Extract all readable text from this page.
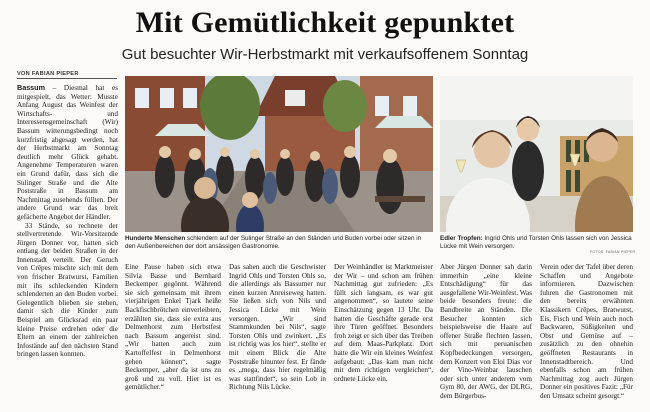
Mit Gemütlichkeit gepunktet
Gut besuchter Wir-Herbstmarkt mit verkaufsoffenem Sonntag
VON FABIAN PIEPER

Bassum – Diesmal hat es mitgespielt, das Wetter: Musste Anfang August das Weinfest der Wirtschafts- und Interessensgemeinschaft (Wir) Bassum witterungsbedingt noch kurzfristig abgesagt werden, hat der Herbstmarkt am Sonntag deutlich mehr Glück gehabt. Angenehme Temperaturen waren ein Grund dafür, dass sich die Sulinger Straße und die Alte Poststraße in Bassum am Nachmittag zusehends füllten. Der andere Grund war das breit gefächerte Angebot der Händler.

33 Stände, so rechnete der stellvertretende Wir-Vorsitzende Jürgen Donner vor, hatten sich entlang der beiden Straßen in der Innenstadt verteilt. Der Geruch von Crêpes mischte sich mit dem von frischer Bratwurst, Familien mit ihs schleckenden Kindern schlenderten an den Buden vorbei. Gelegentlich blieben sie stehen, damit sich die Kinder zum Beispiel am Glücksrad ein paar kleine Preise erdrehen oder die Eltern an einem der zahlreichen Infostände auf den nächsten Stand bringen lassen konnten.

Hunderte Menschen schlendern auf der Sulinger Straße an den Ständen und Buden vorbei oder sitzen in den Außenbereichen der dort ansässigen Gastronomie.
Edler Tropfen: Ingrid Ohls und Torsten Ohls lassen sich von Jessica Lücke mit Wein versorgen.
FOTOS: FABIAN PIEPER

Eine Pause haben sich etwa Silvia Basse und Bernhard Beckemper gegönnt. Während sie sich gemeinsam mit ihrem vierjährigen Enkel Tjark heiße Backfischbrötchen einverleibten, erzählten sie, dass sie extra aus Delmenhorst zum Herbstfest nach Bassum angereist sind. „Wir hatten auch zum Kartoffelfest in Delmenhorst gehen können“, sagte Beckemper, „aber da ist uns zu groß und zu voll. Hier ist es gemütlicher.“

Das sahen auch die Geschwister Ingrid Ohls und Torsten Ohls so, die allerdings als Bassumer nur einen kurzen Anreiseweg hatten. Sie ließen sich von Nils und Jessica Lücke mit Wein versorgen. „Wir sind Stammkunden bei Nils“, sagte Torsten Ohls und zwinkert. „Es ist richtig was los hier“, stellte er mit einem Blick die Alte Poststraße hinunter fest. Er fände es „mega, dass hier regelmäßig was stattfindet“, so sein Lob in Richtung Nils Lücke.

Der Weinhändler ist Marktmeister der Wir – und schon am frühen Nachmittag gut zufrieden: „Es füllt sich langsam, es war gut angenommen“, so lautete seine Einschätzung gegen 13 Uhr. Da hatten die Geschäfte gerade erst ihre Türen geöffnet. Besonders froh zeigt er sich über das Treiben auf dem Maas-Parkplatz. Dort hatte die Wir ein kleines Weinfest aufgebaut: „Das kam man nicht mit dem richtigen vergleichen“, ordnete Lücke ein.

Aber Jürgen Donner sah darin immerhin „eine kleine Entschädigung“ für das ausgefallene Wir-Weinfest. Was beide besonders freute: die Bandbreite an Ständen. Die Besucher konnten sich beispielsweise die Haare auf offener Straße flechten lassen, sich mit peruanischen Kopfbedeckungen versorgen, dem Konzert von Eloi Dias vor der Vino-Weinbar lauschen oder sich unter anderem vom Gym 80, der AWG, der DLRG, dem Bürgerbus-

Verein oder der Tafel über deren Schaffen und Angebote informieren. Dazwischen fuhren die Gastronomen mit den bereits erwähnten Klassikern Crêpes, Bratwurst, Eis, Fisch und Wein auch noch Backwaren, Süßigkeiten und Obst und Gemüse auf – zusätzlich zu den ohnehin geöffneten Restaurants in Innenstadtbereich. Und ebenfalls schon am frühen Nachmittag zog auch Jürgen Donner ein positives Fazit: „Für den Umsatz scheint gesorgt.“
